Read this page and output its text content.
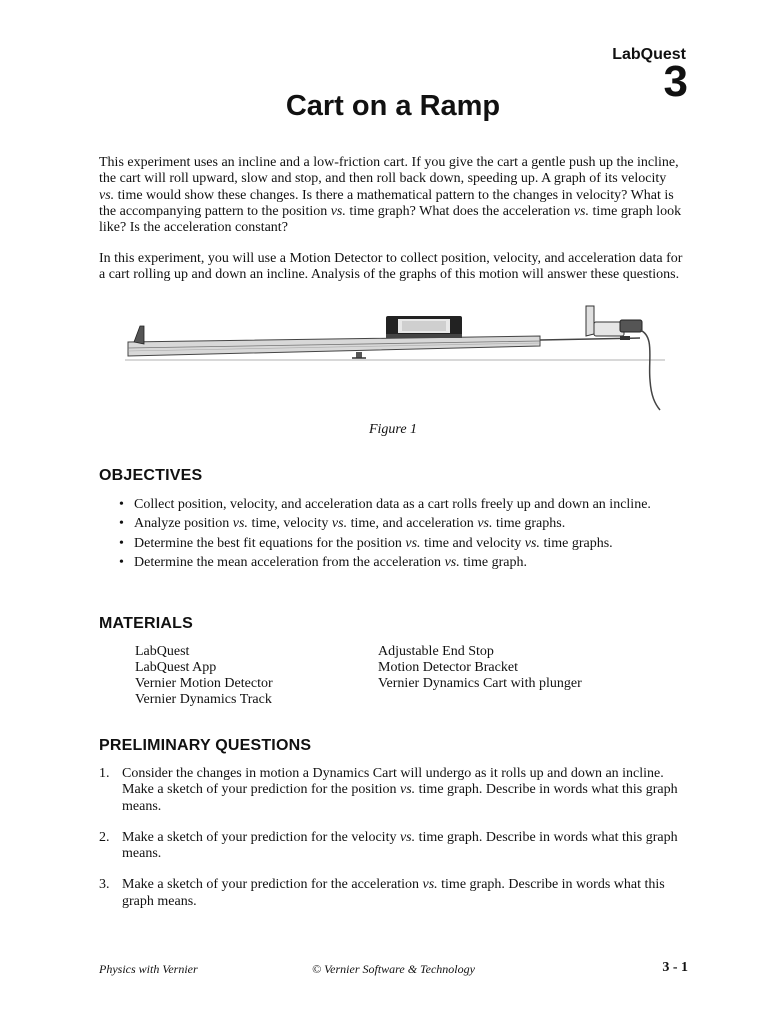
LabQuest
3
Cart on a Ramp

This experiment uses an incline and a low-friction cart. If you give the cart a gentle push up the incline, the cart will roll upward, slow and stop, and then roll back down, speeding up. A graph of its velocity vs. time would show these changes. Is there a mathematical pattern to the changes in velocity? What is the accompanying pattern to the position vs. time graph? What does the acceleration vs. time graph look like? Is the acceleration constant?

In this experiment, you will use a Motion Detector to collect position, velocity, and acceleration data for a cart rolling up and down an incline. Analysis of the graphs of this motion will answer these questions.

Figure 1
OBJECTIVES
• Collect position, velocity, and acceleration data as a cart rolls freely up and down an incline.
• Analyze position vs. time, velocity vs. time, and acceleration vs. time graphs.
• Determine the best fit equations for the position vs. time and velocity vs. time graphs.
• Determine the mean acceleration from the acceleration vs. time graph.
MATERIALS
LabQuest
LabQuest App
Vernier Motion Detector
Vernier Dynamics Track
Adjustable End Stop
Motion Detector Bracket
Vernier Dynamics Cart with plunger
PRELIMINARY QUESTIONS
1. Consider the changes in motion a Dynamics Cart will undergo as it rolls up and down an incline. Make a sketch of your prediction for the position vs. time graph. Describe in words what this graph means.
2. Make a sketch of your prediction for the velocity vs. time graph. Describe in words what this graph means.
3. Make a sketch of your prediction for the acceleration vs. time graph. Describe in words what this graph means.
Physics with Vernier	© Vernier Software & Technology	3 - 1
